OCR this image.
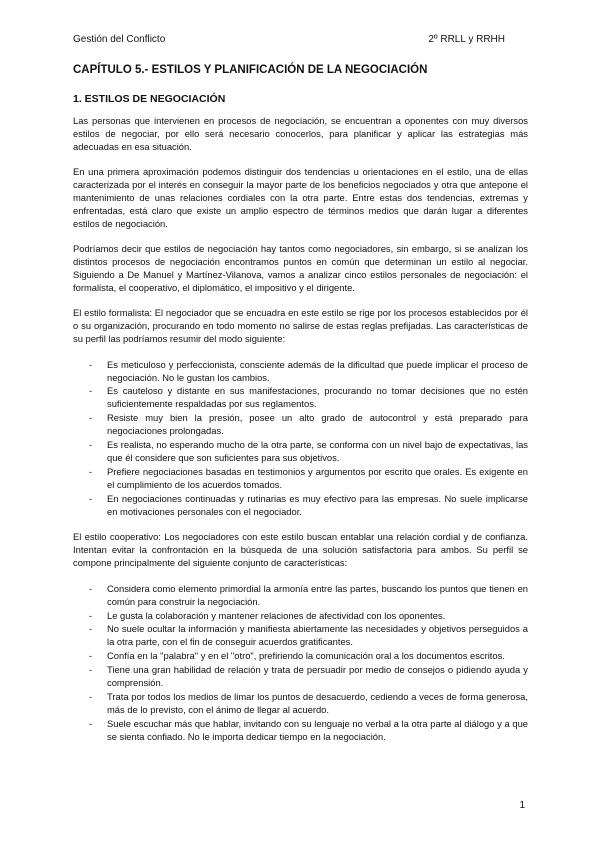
Gestión del Conflicto	2º RRLL y RRHH
CAPÍTULO 5.- ESTILOS Y PLANIFICACIÓN DE LA NEGOCIACIÓN
1. ESTILOS DE NEGOCIACIÓN

Las personas que intervienen en procesos de negociación, se encuentran a oponentes con muy diversos estilos de negociar, por ello será necesario conocerlos, para planificar y aplicar las estrategias más adecuadas en esa situación.

En una primera aproximación podemos distinguir dos tendencias u orientaciones en el estilo, una de ellas caracterizada por el interés en conseguir la mayor parte de los beneficios negociados y otra que antepone el mantenimiento de unas relaciones cordiales con la otra parte. Entre estas dos tendencias, extremas y enfrentadas, está claro que existe un amplio espectro de términos medios que darán lugar a diferentes estilos de negociación.

Podríamos decir que estilos de negociación hay tantos como negociadores, sin embargo, si se analizan los distintos procesos de negociación encontramos puntos en común que determinan un estilo al negociar. Siguiendo a De Manuel y Martínez-Vilanova, vamos a analizar cinco estilos personales de negociación: el formalista, el cooperativo, el diplomático, el impositivo y el dirigente.

El estilo formalista: El negociador que se encuadra en este estilo se rige por los procesos establecidos por él o su organización, procurando en todo momento no salirse de estas reglas prefijadas. Las características de su perfil las podríamos resumir del modo siguiente:

- Es meticuloso y perfeccionista, consciente además de la dificultad que puede implicar el proceso de negociación. No le gustan los cambios.
- Es cauteloso y distante en sus manifestaciones, procurando no tomar decisiones que no estén suficientemente respaldadas por sus reglamentos.
- Resiste muy bien la presión, posee un alto grado de autocontrol y está preparado para negociaciones prolongadas.
- Es realista, no esperando mucho de la otra parte, se conforma con un nivel bajo de expectativas, las que él considere que son suficientes para sus objetivos.
- Prefiere negociaciones basadas en testimonios y argumentos por escrito que orales. Es exigente en el cumplimiento de los acuerdos tomados.
- En negociaciones continuadas y rutinarias es muy efectivo para las empresas. No suele implicarse en motivaciones personales con el negociador.

El estilo cooperativo: Los negociadores con este estilo buscan entablar una relación cordial y de confianza. Intentan evitar la confrontación en la búsqueda de una solución satisfactoria para ambos. Su perfil se compone principalmente del siguiente conjunto de características:

- Considera como elemento primordial la armonía entre las partes, buscando los puntos que tienen en común para construir la negociación.
- Le gusta la colaboración y mantener relaciones de afectividad con los oponentes.
- No suele ocultar la información y manifiesta abiertamente las necesidades y objetivos perseguidos a la otra parte, con el fin de conseguir acuerdos gratificantes.
- Confía en la "palabra" y en el "otro", prefiriendo la comunicación oral a los documentos escritos.
- Tiene una gran habilidad de relación y trata de persuadir por medio de consejos o pidiendo ayuda y comprensión.
- Trata por todos los medios de limar los puntos de desacuerdo, cediendo a veces de forma generosa, más de lo previsto, con el ánimo de llegar al acuerdo.
- Suele escuchar más que hablar, invitando con su lenguaje no verbal a la otra parte al diálogo y a que se sienta confiado. No le importa dedicar tiempo en la negociación.
1
